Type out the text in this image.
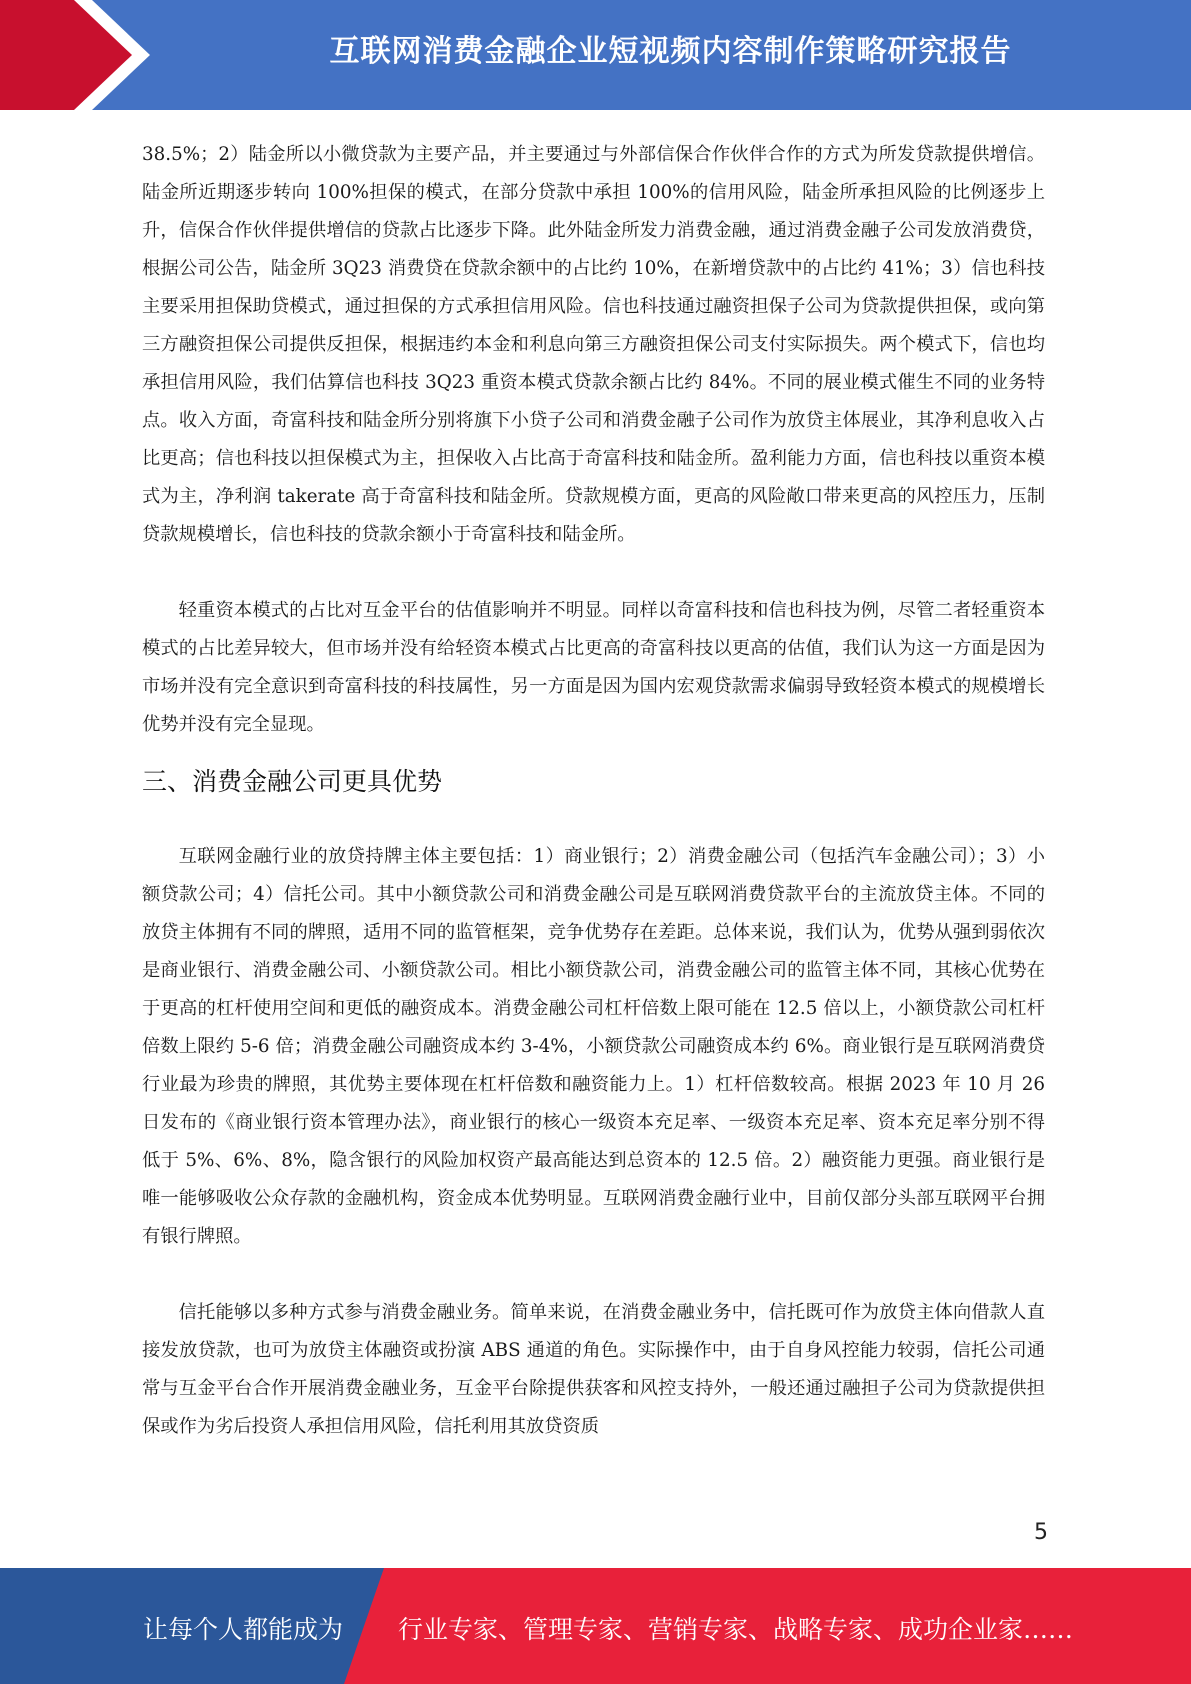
互联网消费金融企业短视频内容制作策略研究报告

38.5%；2）陆金所以小微贷款为主要产品，并主要通过与外部信保合作伙伴合作的方式为所发贷款提供增信。陆金所近期逐步转向 100%担保的模式，在部分贷款中承担 100%的信用风险，陆金所承担风险的比例逐步上升，信保合作伙伴提供增信的贷款占比逐步下降。此外陆金所发力消费金融，通过消费金融子公司发放消费贷，根据公司公告，陆金所 3Q23 消费贷在贷款余额中的占比约 10%，在新增贷款中的占比约 41%；3）信也科技主要采用担保助贷模式，通过担保的方式承担信用风险。信也科技通过融资担保子公司为贷款提供担保，或向第三方融资担保公司提供反担保，根据违约本金和利息向第三方融资担保公司支付实际损失。两个模式下，信也均承担信用风险，我们估算信也科技 3Q23 重资本模式贷款余额占比约 84%。不同的展业模式催生不同的业务特点。收入方面，奇富科技和陆金所分别将旗下小贷子公司和消费金融子公司作为放贷主体展业，其净利息收入占比更高；信也科技以担保模式为主，担保收入占比高于奇富科技和陆金所。盈利能力方面，信也科技以重资本模式为主，净利润 takerate 高于奇富科技和陆金所。贷款规模方面，更高的风险敞口带来更高的风控压力，压制贷款规模增长，信也科技的贷款余额小于奇富科技和陆金所。

轻重资本模式的占比对互金平台的估值影响并不明显。同样以奇富科技和信也科技为例，尽管二者轻重资本模式的占比差异较大，但市场并没有给轻资本模式占比更高的奇富科技以更高的估值，我们认为这一方面是因为市场并没有完全意识到奇富科技的科技属性，另一方面是因为国内宏观贷款需求偏弱导致轻资本模式的规模增长优势并没有完全显现。

三、消费金融公司更具优势

互联网金融行业的放贷持牌主体主要包括：1）商业银行；2）消费金融公司（包括汽车金融公司）；3）小额贷款公司；4）信托公司。其中小额贷款公司和消费金融公司是互联网消费贷款平台的主流放贷主体。不同的放贷主体拥有不同的牌照，适用不同的监管框架，竞争优势存在差距。总体来说，我们认为，优势从强到弱依次是商业银行、消费金融公司、小额贷款公司。相比小额贷款公司，消费金融公司的监管主体不同，其核心优势在于更高的杠杆使用空间和更低的融资成本。消费金融公司杠杆倍数上限可能在 12.5 倍以上，小额贷款公司杠杆倍数上限约 5-6 倍；消费金融公司融资成本约 3-4%，小额贷款公司融资成本约 6%。商业银行是互联网消费贷行业最为珍贵的牌照，其优势主要体现在杠杆倍数和融资能力上。1）杠杆倍数较高。根据 2023 年 10 月 26 日发布的《商业银行资本管理办法》，商业银行的核心一级资本充足率、一级资本充足率、资本充足率分别不得低于 5%、6%、8%，隐含银行的风险加权资产最高能达到总资本的 12.5 倍。2）融资能力更强。商业银行是唯一能够吸收公众存款的金融机构，资金成本优势明显。互联网消费金融行业中，目前仅部分头部互联网平台拥有银行牌照。

信托能够以多种方式参与消费金融业务。简单来说，在消费金融业务中，信托既可作为放贷主体向借款人直接发放贷款，也可为放贷主体融资或扮演 ABS 通道的角色。实际操作中，由于自身风控能力较弱，信托公司通常与互金平台合作开展消费金融业务，互金平台除提供获客和风控支持外，一般还通过融担子公司为贷款提供担保或作为劣后投资人承担信用风险，信托利用其放贷资质

5
让每个人都能成为 行业专家、管理专家、营销专家、战略专家、成功企业家……
